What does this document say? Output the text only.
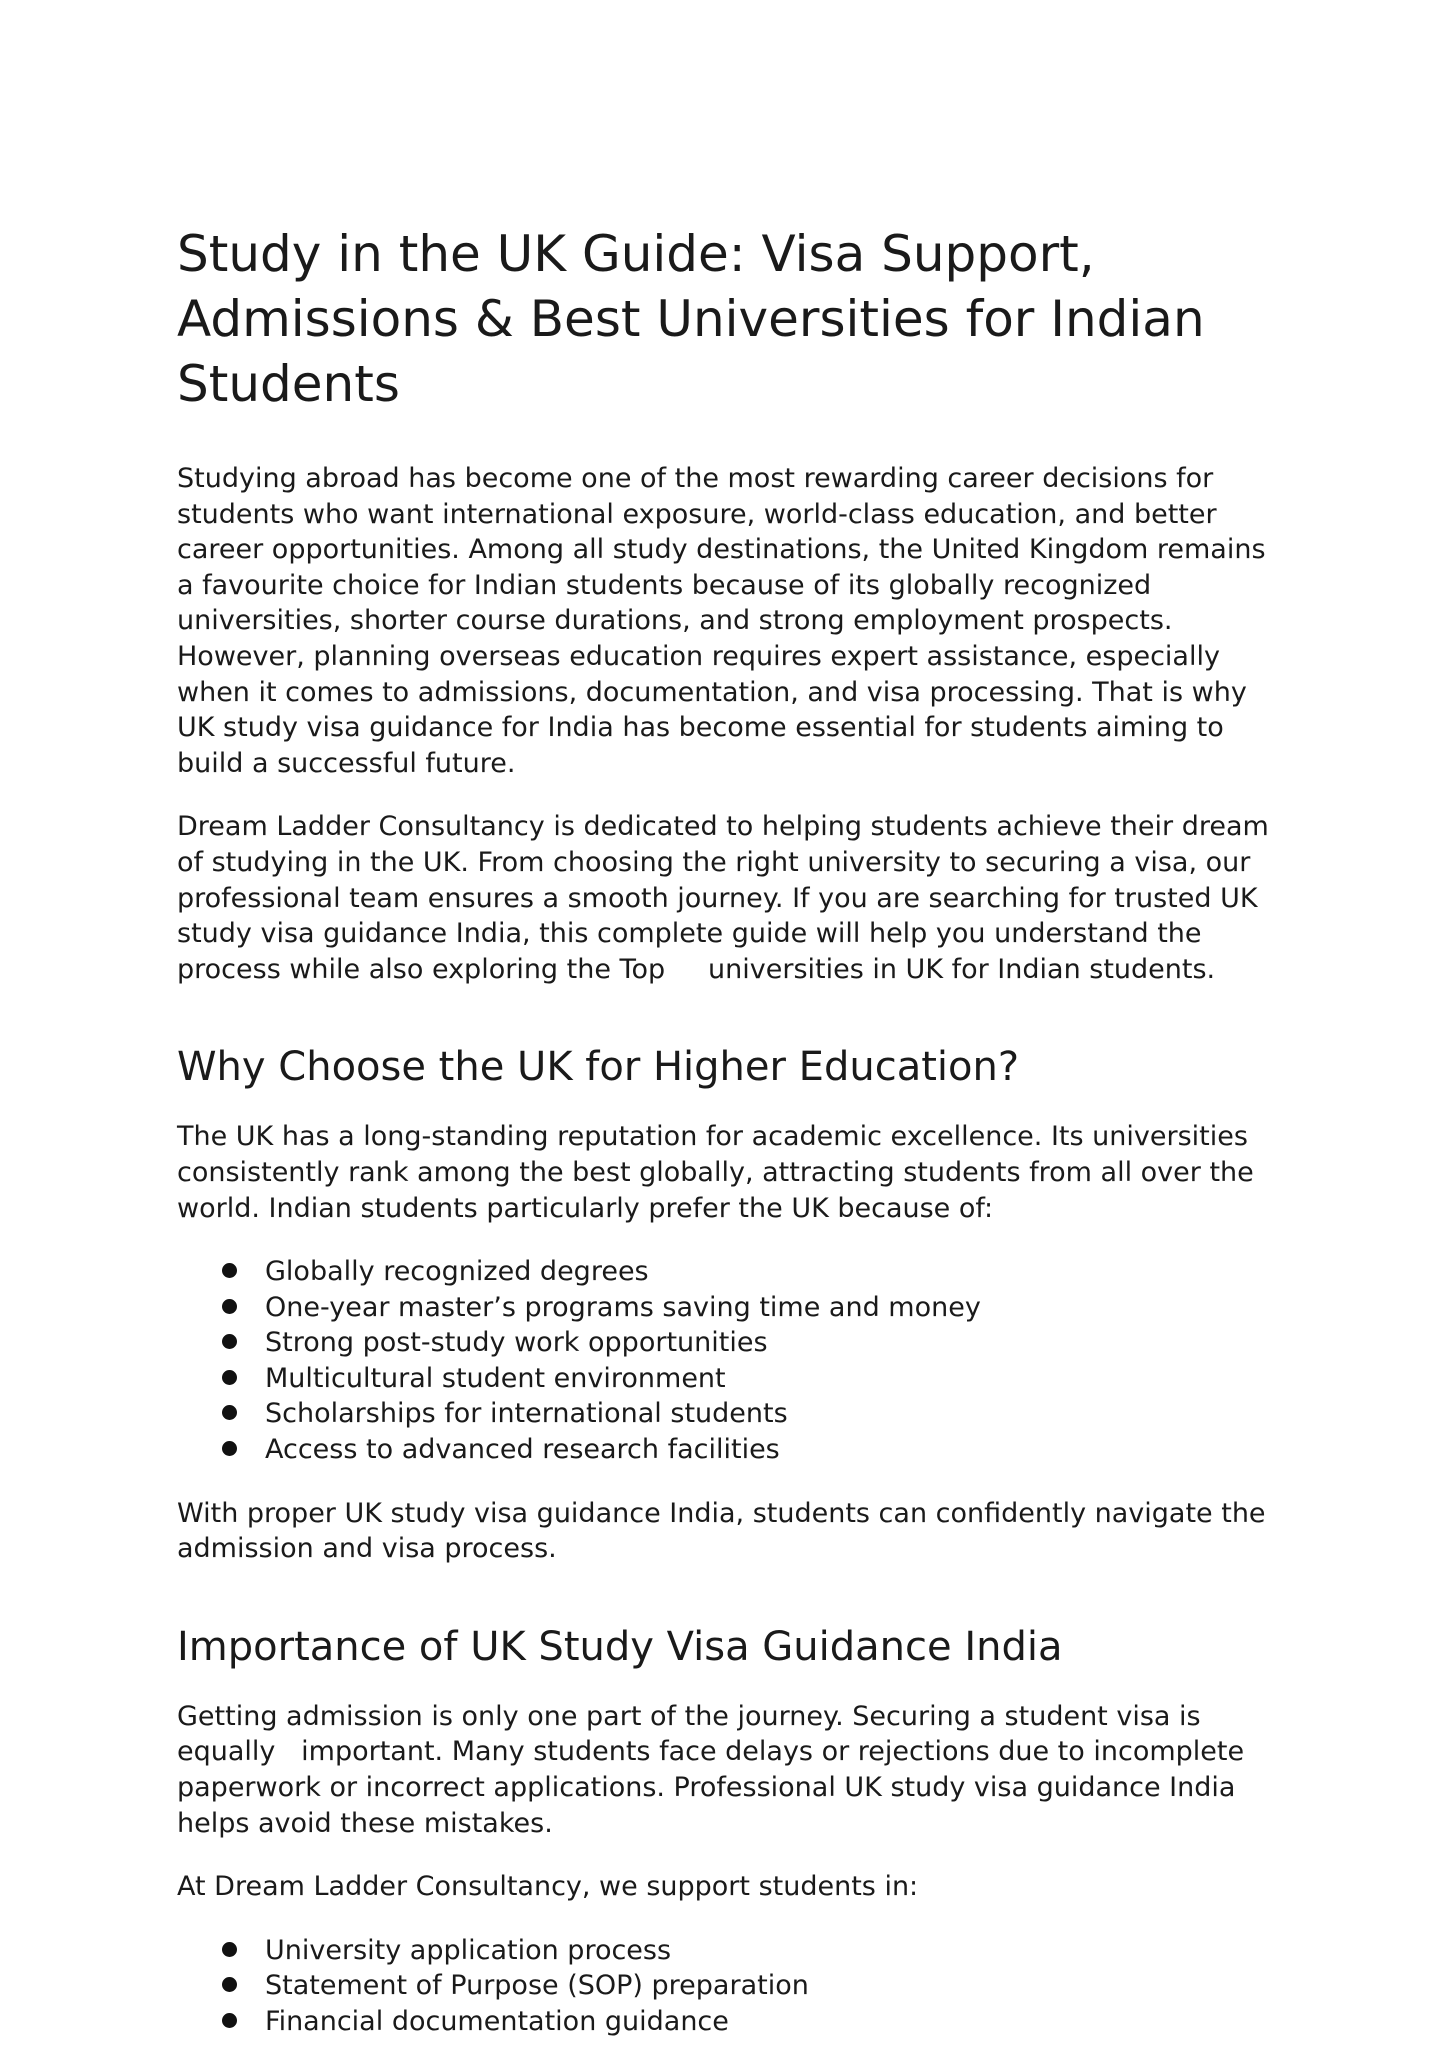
Study in the UK Guide: Visa Support, Admissions & Best Universities for Indian Students

Studying abroad has become one of the most rewarding career decisions for students who want international exposure, world-class education, and better career opportunities. Among all study destinations, the United Kingdom remains a favourite choice for Indian students because of its globally recognized universities, shorter course durations, and strong employment prospects. However, planning overseas education requires expert assistance, especially when it comes to admissions, documentation, and visa processing. That is why UK study visa guidance for India has become essential for students aiming to build a successful future.

Dream Ladder Consultancy is dedicated to helping students achieve their dream of studying in the UK. From choosing the right university to securing a visa, our professional team ensures a smooth journey. If you are searching for trusted UK study visa guidance India, this complete guide will help you understand the process while also exploring the Top     universities in UK for Indian students.

Why Choose the UK for Higher Education?

The UK has a long-standing reputation for academic excellence. Its universities consistently rank among the best globally, attracting students from all over the world. Indian students particularly prefer the UK because of:

Globally recognized degrees
One-year master’s programs saving time and money
Strong post-study work opportunities
Multicultural student environment
Scholarships for international students
Access to advanced research facilities

With proper UK study visa guidance India, students can confidently navigate the admission and visa process.

Importance of UK Study Visa Guidance India

Getting admission is only one part of the journey. Securing a student visa is equally   important. Many students face delays or rejections due to incomplete paperwork or incorrect applications. Professional UK study visa guidance India helps avoid these mistakes.

At Dream Ladder Consultancy, we support students in:

University application process
Statement of Purpose (SOP) preparation
Financial documentation guidance
